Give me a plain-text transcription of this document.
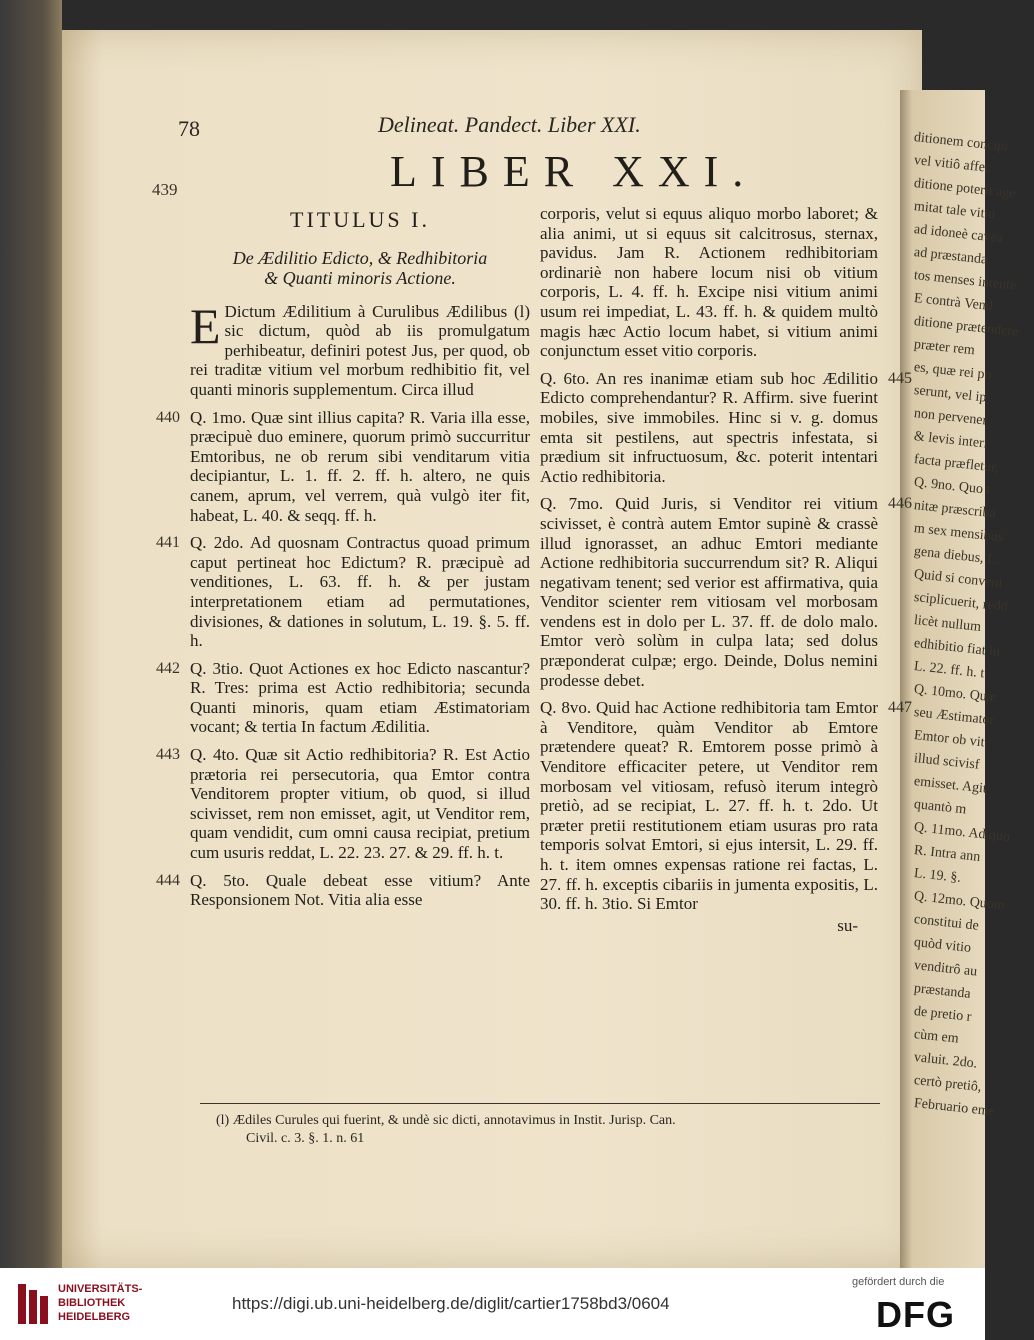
ditionem concipi
vel vitiô affec
ditione poterit age
mitat tale vitiu
ad idoneè cavea
ad præstanda
tos menses intente
E contrà Vend
ditione prætendere
præter rem
es, quæ rei po
serunt, vel ip
non pervener
& levis interi
facta præfletur,
Q. 9no. Quo t
nitæ præscriba
m sex mensibus
gena diebus, L.
Quid si conveni
sciplicuerit, redd
licèt nullum
edhibitio fiat in
L. 22. ff. h. t.
Q. 10mo. Quæ
seu Æstimator
Emtor ob vit
illud scivisf
emisset. Agit
quantò m
Q. 11mo. Ad quo
R. Intra ann
L. 19. §.
Q. 12mo. Quom
constitui de
quòd vitio
venditrô au
præstanda
de pretio r
cùm em
valuit. 2do.
certò pretiô,
Februario eme
78	Delineat. Pandect. Liber XXI.
LIBER XXI.
439
TITULUS I.
De Ædilitio Edicto, & Redhibitoria
& Quanti minoris Actione.

E Dictum Ædilitium à Curulibus Ædilibus (l) sic dictum, quòd ab iis promulgatum perhibeatur, definiri potest Jus, per quod, ob rei traditæ vitium vel morbum redhibitio fit, vel quanti minoris supplementum. Circa illud

440 Q. 1mo. Quæ sint illius capita? R. Varia illa esse, præcipuè duo eminere, quorum primò succurritur Emtoribus, ne ob rerum sibi venditarum vitia decipiantur, L. 1. ff. 2. ff. h. altero, ne quis canem, aprum, vel verrem, quà vulgò iter fit, habeat, L. 40. & seqq. ff. h.

441 Q. 2do. Ad quosnam Contractus quoad primum caput pertineat hoc Edictum? R. præcipuè ad venditiones, L. 63. ff. h. & per justam interpretationem etiam ad permutationes, divisiones, & dationes in solutum, L. 19. §. 5. ff. h.

442 Q. 3tio. Quot Actiones ex hoc Edicto nascantur? R. Tres: prima est Actio redhibitoria; secunda Quanti minoris, quam etiam Æstimatoriam vocant; & tertia In factum Ædilitia.

443 Q. 4to. Quæ sit Actio redhibitoria? R. Est Actio prætoria rei persecutoria, qua Emtor contra Venditorem propter vitium, ob quod, si illud scivisset, rem non emisset, agit, ut Venditor rem, quam vendidit, cum omni causa recipiat, pretium cum usuris reddat, L. 22. 23. 27. & 29. ff. h. t.

444 Q. 5to. Quale debeat esse vitium? Ante Responsionem Not. Vitia alia esse

corporis, velut si equus aliquo morbo laboret; & alia animi, ut si equus sit calcitrosus, sternax, pavidus. Jam R. Actionem redhibitoriam ordinariè non habere locum nisi ob vitium corporis, L. 4. ff. h. Excipe nisi vitium animi usum rei impediat, L. 43. ff. h. & quidem multò magis hæc Actio locum habet, si vitium animi conjunctum esset vitio corporis.

445
Q. 6to. An res inanimæ etiam sub hoc Ædilitio Edicto comprehendantur? R. Affirm. sive fuerint mobiles, sive immobiles. Hinc si v. g. domus emta sit pestilens, aut spectris infestata, si prædium sit infructuosum, &c. poterit intentari Actio redhibitoria.

446
Q. 7mo. Quid Juris, si Venditor rei vitium scivisset, è contrà autem Emtor supinè & crassè illud ignorasset, an adhuc Emtori mediante Actione redhibitoria succurrendum sit? R. Aliqui negativam tenent; sed verior est affirmativa, quia Venditor scienter rem vitiosam vel morbosam vendens est in dolo per L. 37. ff. de dolo malo. Emtor verò solùm in culpa lata; sed dolus præponderat culpæ; ergo. Deinde, Dolus nemini prodesse debet.

447
Q. 8vo. Quid hac Actione redhibitoria tam Emtor à Venditore, quàm Venditor ab Emtore prætendere queat? R. Emtorem posse primò à Venditore efficaciter petere, ut Venditor rem morbosam vel vitiosam, refusò iterum integrò pretiò, ad se recipiat, L. 27. ff. h. t. 2do. Ut præter pretii restitutionem etiam usuras pro rata temporis solvat Emtori, si ejus intersit, L. 29. ff. h. t. item omnes expensas ratione rei factas, L. 27. ff. h. exceptis cibariis in jumenta expositis, L. 30. ff. h. 3tio. Si Emtor

su-
(l) Ædiles Curules qui fuerint, & undè sic dicti, annotavimus in Instit. Jurisp. Can.
Civil. c. 3. §. 1. n. 61
UNIVERSITÄTS-
BIBLIOTHEK
HEIDELBERG
https://digi.ub.uni-heidelberg.de/diglit/cartier1758bd3/0604
gefördert durch die
DFG
